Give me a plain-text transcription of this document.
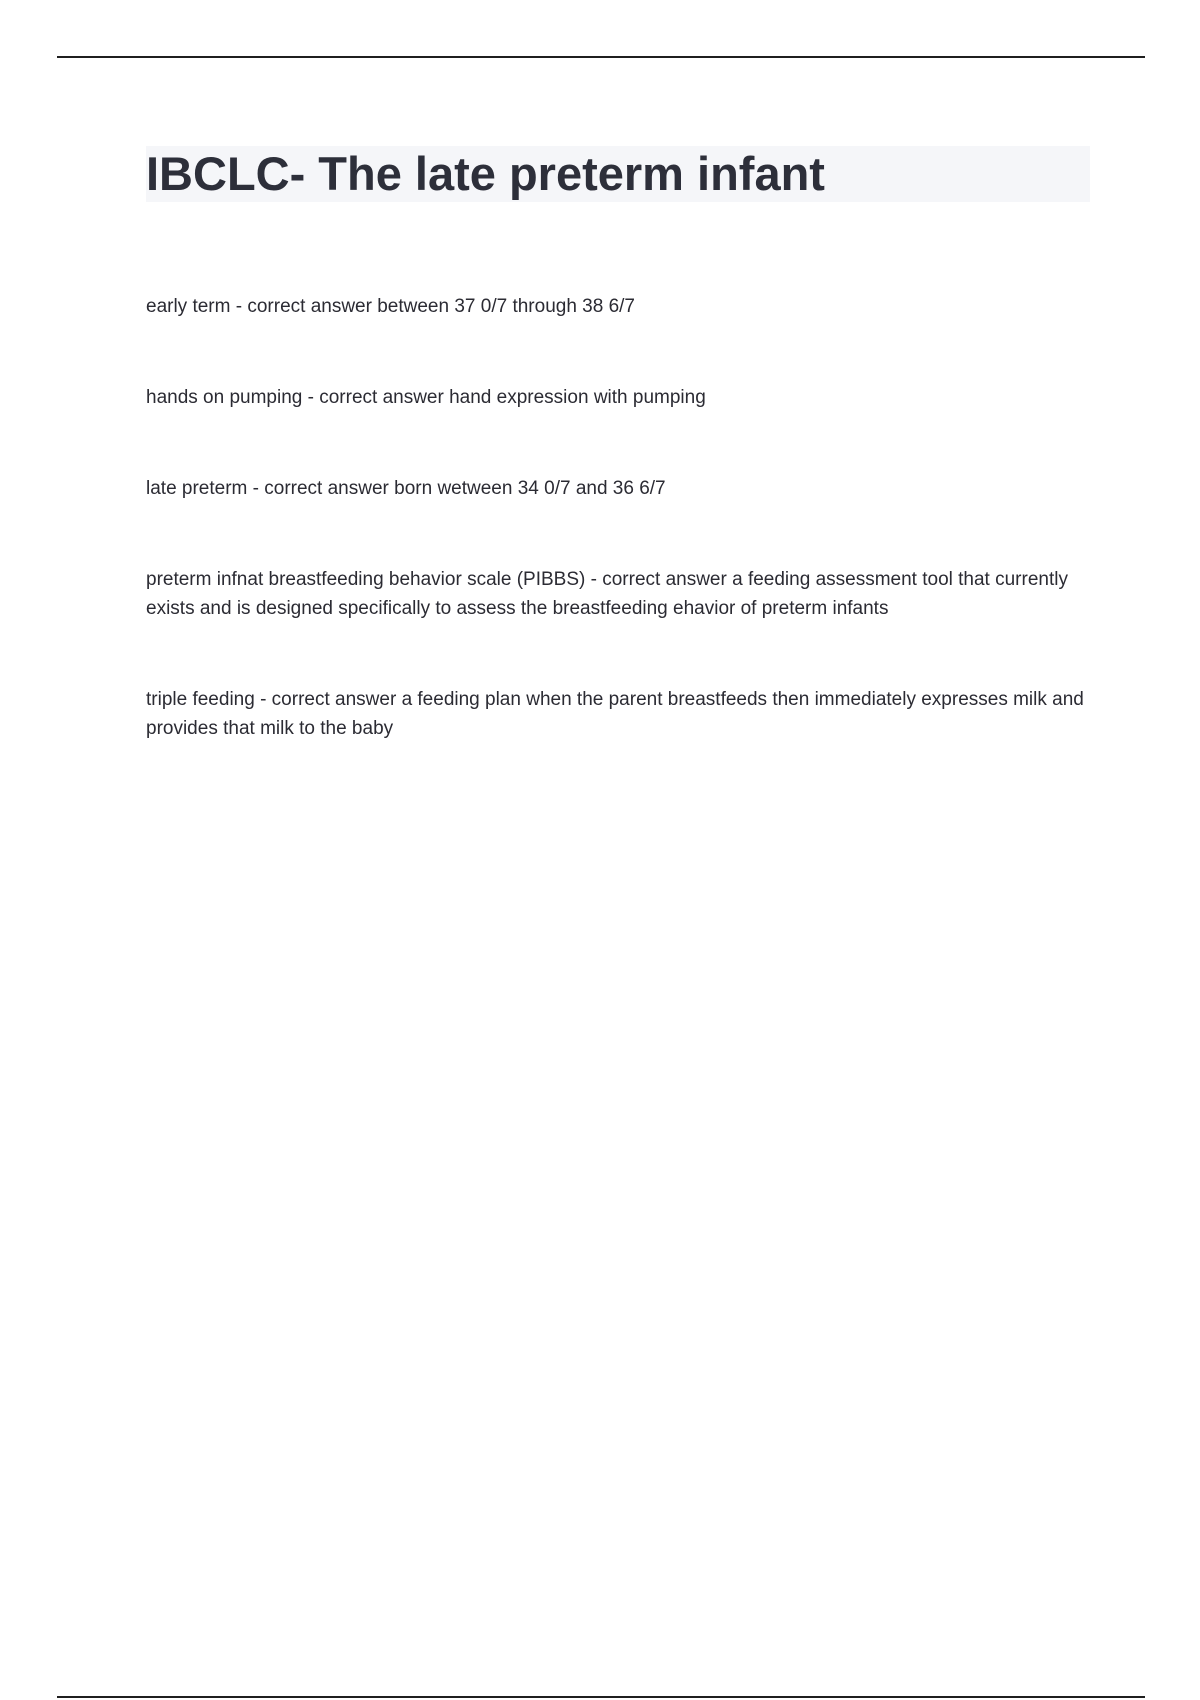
IBCLC- The late preterm infant

early term - correct answer between 37 0/7 through 38 6/7

hands on pumping - correct answer hand expression with pumping

late preterm - correct answer born wetween 34 0/7 and 36 6/7

preterm infnat breastfeeding behavior scale (PIBBS) - correct answer a feeding assessment tool that currently exists and is designed specifically to assess the breastfeeding ehavior of preterm infants

triple feeding - correct answer a feeding plan when the parent breastfeeds then immediately expresses milk and provides that milk to the baby
